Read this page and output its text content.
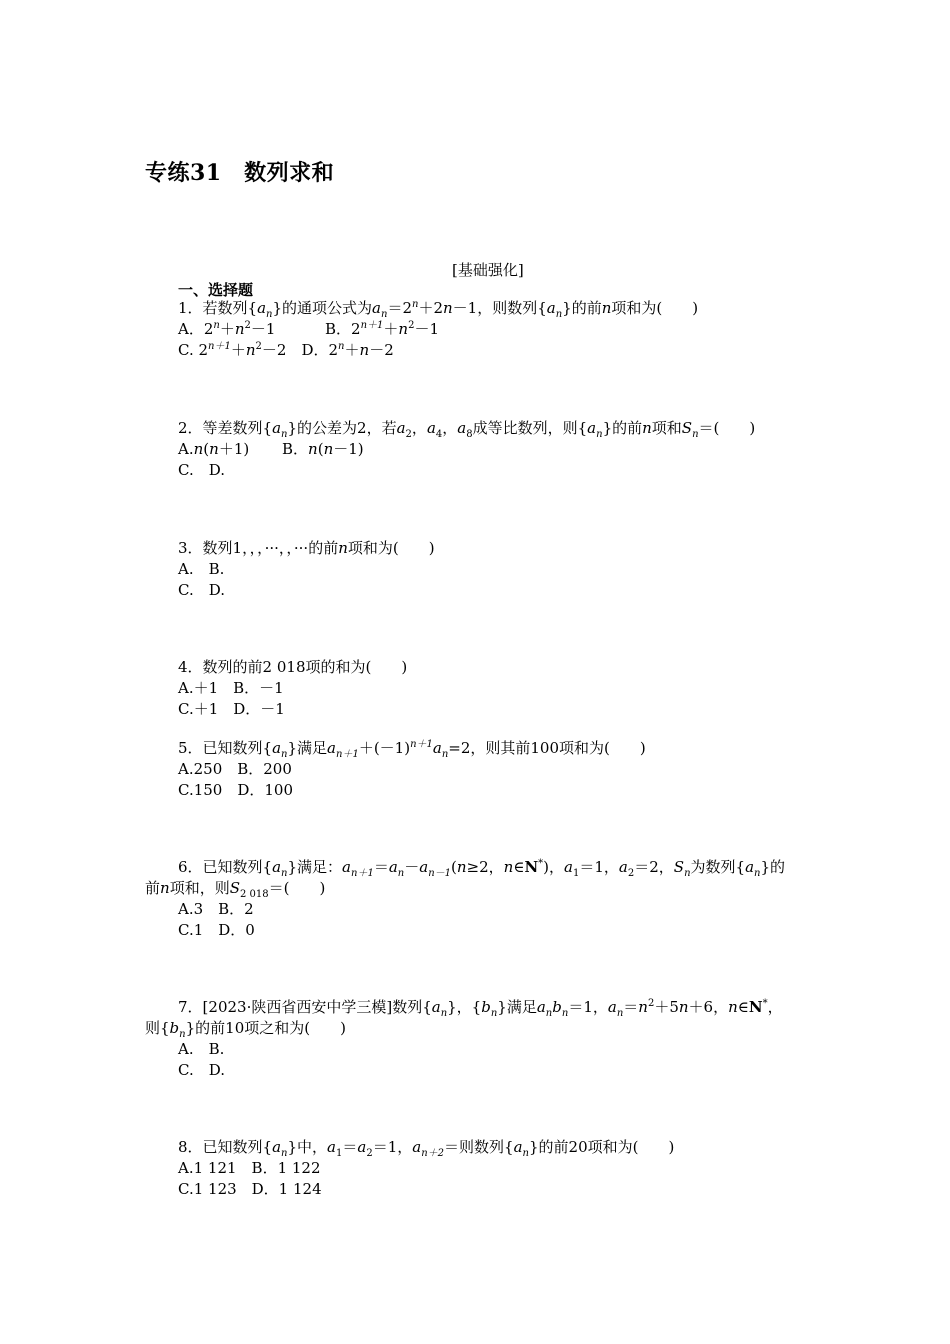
专练31　数列求和
[基础强化]
一、选择题
1．若数列$\{a_n\}$的通项公式为$a_n=2^n+2n-1$，则数列$\{a_n\}$的前n项和为(　　)
A．$2^n+n^2-1$	B．$2^{n+1}+n^2-1$
C. $2^{n+1}+n^2-2$　 D．$2^n+n-2$
2．等差数列$\{a_n\}$的公差为2，若$a_2$，$a_4$，$a_8$成等比数列，则$\{a_n\}$的前n项和$S_n=$(　　)
A.n(n＋1) B．n(n－1)
C.　D.
3．数列1，，，···，，···的前n项和为(　　)
A.　B.
C.　D.
4．数列的前2 018项的和为(　　)
A.＋1　B．－1
C.＋1　D．－1
5．已知数列$\{a_n\}$满足$a_{n+1}+(-1)^{n+1}a_n=2$，则其前100项和为(　　)
A.250　B．200
C.150　D．100
6．已知数列$\{a_n\}$满足：$a_{n+1}=a_n-a_{n-1}(n\ge 2$，n∈N*)，$a_1=1$，$a_2=2$，$S_n$为数列$\{a_n\}$的
前n项和，则$S_{2 018}=$(　　)
A.3　B．2
C.1　D．0
7．[2023·陕西省西安中学三模]数列$\{a_n\}$，$\{b_n\}$满足$a_nb_n=1$，$a_n=n^2+5n+6$，n∈N*，
则$\{b_n\}$的前10项之和为(　　)
A.　B.
C.　D.
8．已知数列$\{a_n\}$中，$a_1=a_2=1$，$a_{n+2}=$则数列$\{a_n\}$的前20项和为(　　)
A.1 121　B．1 122
C.1 123　D．1 124
